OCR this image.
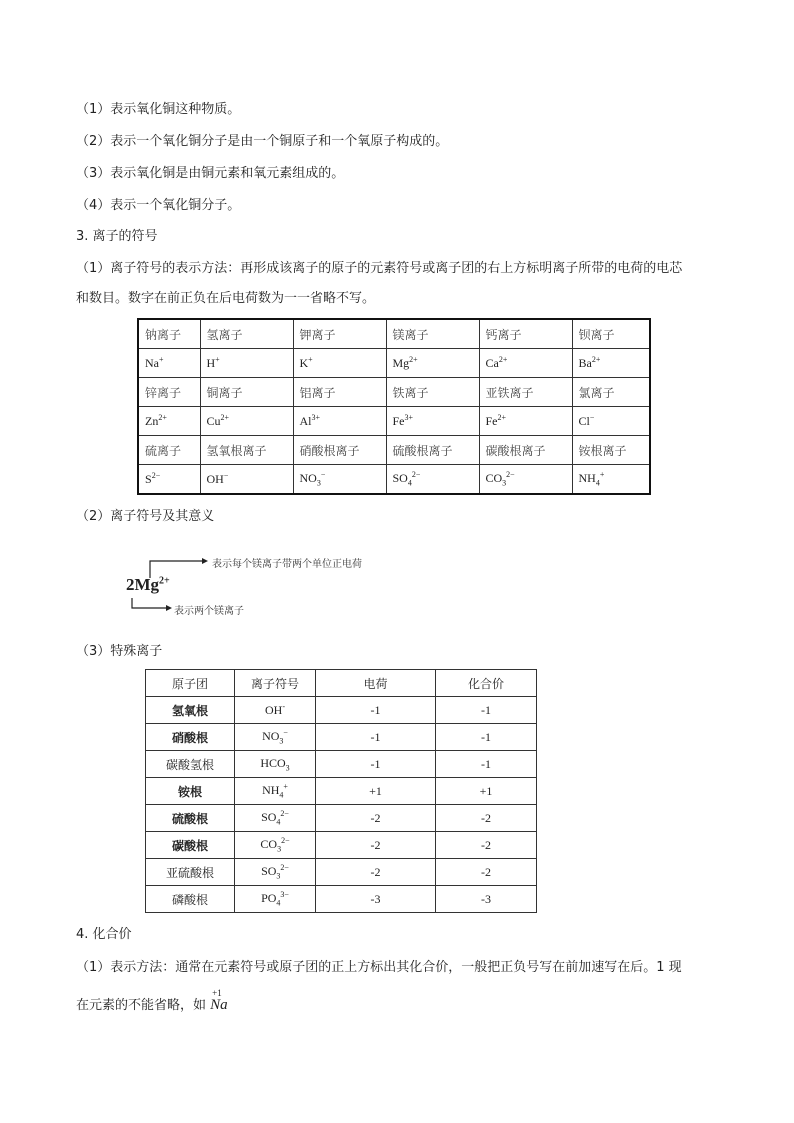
（1）表示氧化铜这种物质。
（2）表示一个氧化铜分子是由一个铜原子和一个氧原子构成的。
（3）表示氧化铜是由铜元素和氧元素组成的。
（4）表示一个氧化铜分子。
3. 离子的符号
（1）离子符号的表示方法：再形成该离子的原子的元素符号或离子团的右上方标明离子所带的电荷的电芯
和数目。数字在前正负在后电荷数为一一省略不写。
钠离子	氢离子	钾离子	镁离子	钙离子	钡离子
Na+	H+	K+	$Mg^{2+}$	$Ca^{2+}$	$Ba^{2+}$
锌离子	铜离子	铝离子	铁离子	亚铁离子	氯离子
$Zn^{2+}$	$Cu^{2+}$	$Al^{3+}$	$Fe^{3+}$	$Fe^{2+}$	Cl−
硫离子	氢氧根离子	硝酸根离子	硫酸根离子	碳酸根离子	铵根离子
$S^{2-}$	OH−	$NO_3^-$	$SO_4^{2-}$	$CO_3^{2-}$	$NH_4^+$
（2）离子符号及其意义
$2Mg^{2+}$
表示每个镁离子带两个单位正电荷
表示两个镁离子
（3）特殊离子
原子团	离子符号	电荷	化合价
氢氧根	OH-	-1	-1
硝酸根	$NO_3^-$	-1	-1
碳酸氢根	$HCO_3$	-1	-1
铵根	$NH_4^+$	+1	+1
硫酸根	$SO_4^{2-}$	-2	-2
碳酸根	$CO_3^{2-}$	-2	-2
亚硫酸根	$SO_3^{2-}$	-2	-2
磷酸根	$PO_4^{3-}$	-3	-3
4. 化合价
（1）表示方法：通常在元素符号或原子团的正上方标出其化合价，一般把正负号写在前加速写在后。1 现
在元素的不能省略，如
+1
Na
